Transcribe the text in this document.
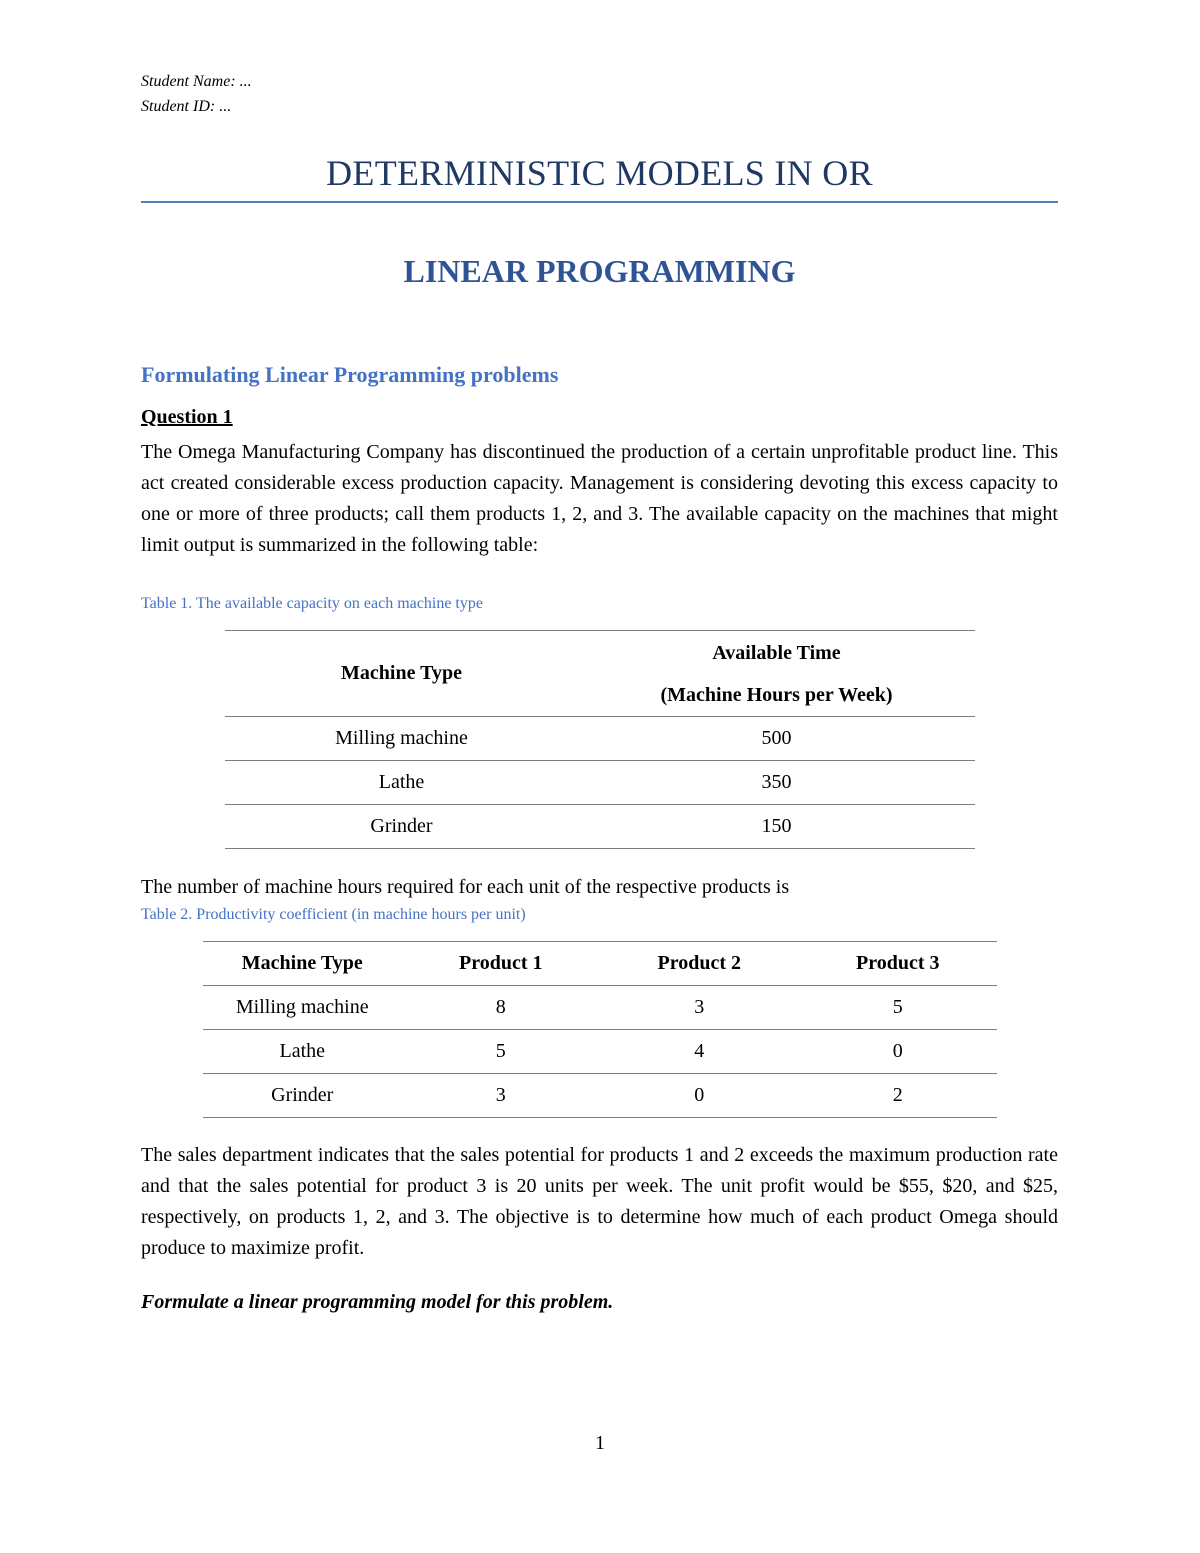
Student Name: ...
Student ID: ...
DETERMINISTIC MODELS IN OR
LINEAR PROGRAMMING
Formulating Linear Programming problems
Question 1
The Omega Manufacturing Company has discontinued the production of a certain unprofitable product line. This act created considerable excess production capacity. Management is considering devoting this excess capacity to one or more of three products; call them products 1, 2, and 3. The available capacity on the machines that might limit output is summarized in the following table:
Table 1. The available capacity on each machine type
Machine Type	Available Time
(Machine Hours per Week)

Milling machine	500
Lathe	350
Grinder	150
The number of machine hours required for each unit of the respective products is
Table 2. Productivity coefficient (in machine hours per unit)
Machine Type	Product 1	Product 2	Product 3
Milling machine	8	3	5
Lathe	5	4	0
Grinder	3	0	2
The sales department indicates that the sales potential for products 1 and 2 exceeds the maximum production rate and that the sales potential for product 3 is 20 units per week. The unit profit would be $55, $20, and $25, respectively, on products 1, 2, and 3. The objective is to determine how much of each product Omega should produce to maximize profit.
Formulate a linear programming model for this problem.
1
